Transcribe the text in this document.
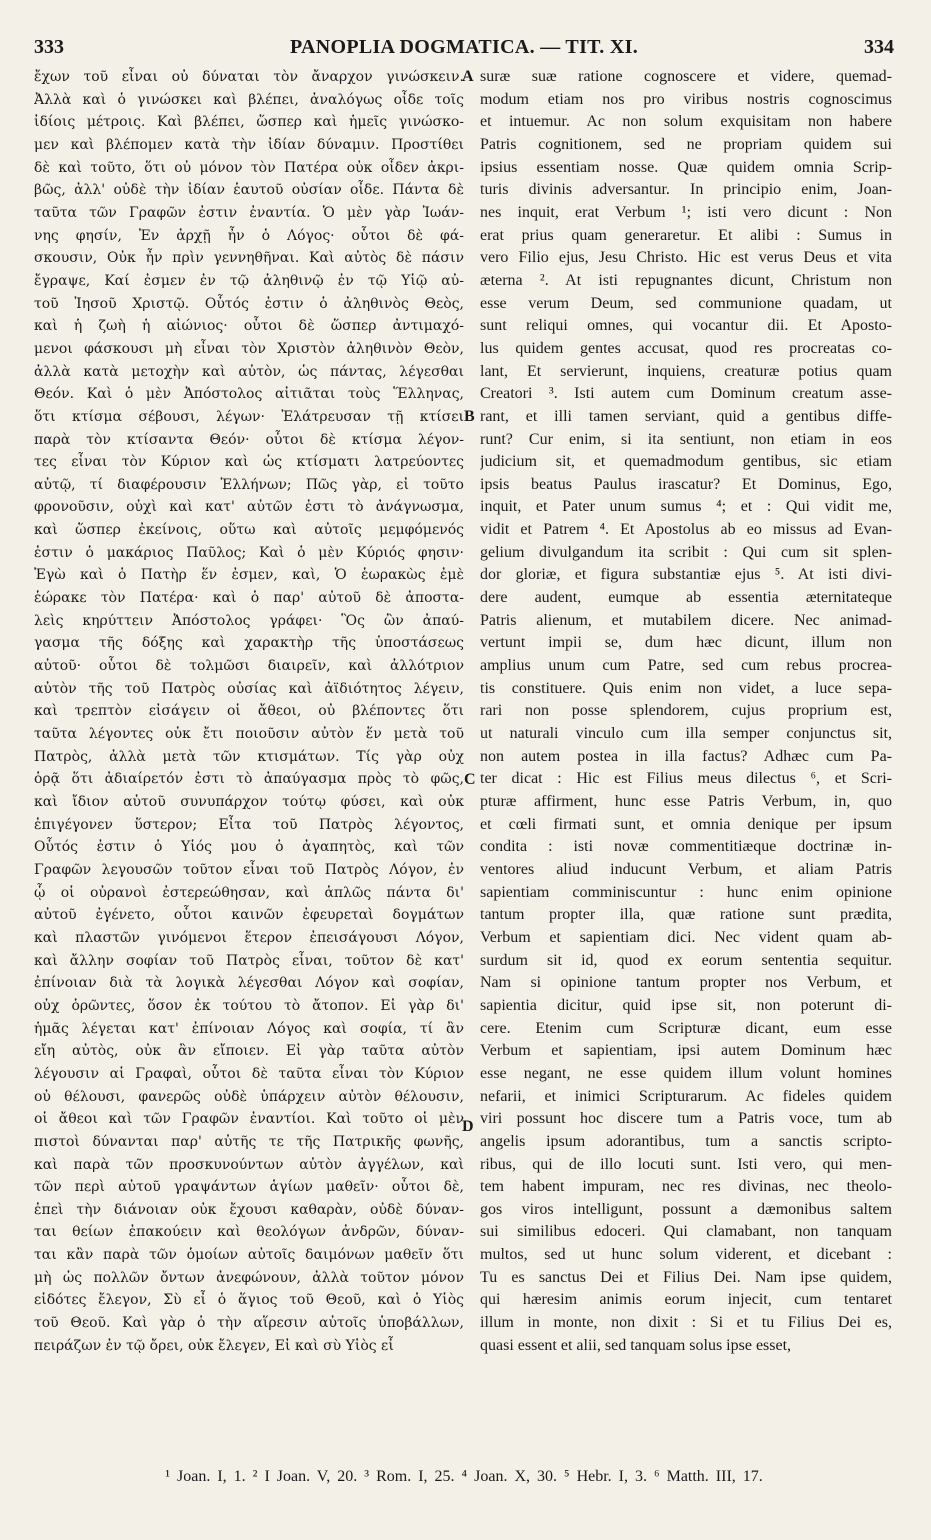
333	PANOPLIA DOGMATICA. — TIT. XI.	334
ἔχων τοῦ εἶναι οὐ δύναται τὸν ἄναρχον γινώσκειν.
Ἀλλὰ καὶ ὁ γινώσκει καὶ βλέπει, ἀναλόγως οἶδε τοῖς
ἰδίοις μέτροις. Καὶ βλέπει, ὥσπερ καὶ ἡμεῖς γινώσκο-
μεν καὶ βλέπομεν κατὰ τὴν ἰδίαν δύναμιν. Προστίθει
δὲ καὶ τοῦτο, ὅτι οὐ μόνον τὸν Πατέρα οὐκ οἶδεν ἀκρι-
βῶς, ἀλλ' οὐδὲ τὴν ἰδίαν ἑαυτοῦ οὐσίαν οἶδε. Πάντα δὲ
ταῦτα τῶν Γραφῶν ἐστιν ἐναντία. Ὁ μὲν γὰρ Ἰωάν-
νης φησίν, Ἐν ἀρχῇ ἦν ὁ Λόγος· οὗτοι δὲ φά-
σκουσιν, Οὐκ ἦν πρὶν γεννηθῆναι. Καὶ αὐτὸς δὲ πάσιν
ἔγραψε, Καί ἐσμεν ἐν τῷ ἀληθινῷ ἐν τῷ Υἱῷ αὐ-
τοῦ Ἰησοῦ Χριστῷ. Οὗτός ἐστιν ὁ ἀληθινὸς Θεὸς,
καὶ ἡ ζωὴ ἡ αἰώνιος· οὗτοι δὲ ὥσπερ ἀντιμαχό-
μενοι φάσκουσι μὴ εἶναι τὸν Χριστὸν ἀληθινὸν Θεὸν,
ἀλλὰ κατὰ μετοχὴν καὶ αὐτὸν, ὡς πάντας, λέγεσθαι
Θεόν. Καὶ ὁ μὲν Ἀπόστολος αἰτιᾶται τοὺς Ἕλληνας,
ὅτι κτίσμα σέβουσι, λέγων· Ἐλάτρευσαν τῇ κτίσει
παρὰ τὸν κτίσαντα Θεόν· οὗτοι δὲ κτίσμα λέγον-
τες εἶναι τὸν Κύριον καὶ ὡς κτίσματι λατρεύοντες
αὐτῷ, τί διαφέρουσιν Ἑλλήνων; Πῶς γὰρ, εἰ τοῦτο
φρονοῦσιν, οὐχὶ καὶ κατ' αὐτῶν ἐστι τὸ ἀνάγνωσμα,
καὶ ὥσπερ ἐκείνοις, οὕτω καὶ αὐτοῖς μεμφόμενός
ἐστιν ὁ μακάριος Παῦλος; Καὶ ὁ μὲν Κύριός φησιν·
Ἐγὼ καὶ ὁ Πατὴρ ἕν ἐσμεν, καὶ, Ὁ ἑωρακὼς ἐμὲ
ἑώρακε τὸν Πατέρα· καὶ ὁ παρ' αὐτοῦ δὲ ἀποστα-
λεὶς κηρύττειν Ἀπόστολος γράφει· Ὃς ὢν ἀπαύ-
γασμα τῆς δόξης καὶ χαρακτὴρ τῆς ὑποστάσεως
αὐτοῦ· οὗτοι δὲ τολμῶσι διαιρεῖν, καὶ ἀλλότριον
αὐτὸν τῆς τοῦ Πατρὸς οὐσίας καὶ ἀϊδιότητος λέγειν,
καὶ τρεπτὸν εἰσάγειν οἱ ἄθεοι, οὐ βλέποντες ὅτι
ταῦτα λέγοντες οὐκ ἔτι ποιοῦσιν αὐτὸν ἕν μετὰ τοῦ
Πατρὸς, ἀλλὰ μετὰ τῶν κτισμάτων. Τίς γὰρ οὐχ
ὁρᾷ ὅτι ἀδιαίρετόν ἐστι τὸ ἀπαύγασμα πρὸς τὸ φῶς,
καὶ ἴδιον αὐτοῦ συνυπάρχον τούτῳ φύσει, καὶ οὐκ
ἐπιγέγονεν ὕστερον; Εἶτα τοῦ Πατρὸς λέγοντος,
Οὗτός ἐστιν ὁ Υἱός μου ὁ ἀγαπητὸς, καὶ τῶν
Γραφῶν λεγουσῶν τοῦτον εἶναι τοῦ Πατρὸς Λόγον, ἐν
ᾧ οἱ οὐρανοὶ ἐστερεώθησαν, καὶ ἁπλῶς πάντα δι'
αὐτοῦ ἐγένετο, οὗτοι καινῶν ἐφευρεταὶ δογμάτων
καὶ πλαστῶν γινόμενοι ἕτερον ἐπεισάγουσι Λόγον,
καὶ ἄλλην σοφίαν τοῦ Πατρὸς εἶναι, τοῦτον δὲ κατ'
ἐπίνοιαν διὰ τὰ λογικὰ λέγεσθαι Λόγον καὶ σοφίαν,
οὐχ ὁρῶντες, ὅσον ἐκ τούτου τὸ ἄτοπον. Εἰ γὰρ δι'
ἡμᾶς λέγεται κατ' ἐπίνοιαν Λόγος καὶ σοφία, τί ἂν
εἴη αὐτὸς, οὐκ ἂν εἴποιεν. Εἰ γὰρ ταῦτα αὐτὸν
λέγουσιν αἱ Γραφαὶ, οὗτοι δὲ ταῦτα εἶναι τὸν Κύριον
οὐ θέλουσι, φανερῶς οὐδὲ ὑπάρχειν αὐτὸν θέλουσιν,
οἱ ἄθεοι καὶ τῶν Γραφῶν ἐναντίοι. Καὶ τοῦτο οἱ μὲν
πιστοὶ δύνανται παρ' αὐτῆς τε τῆς Πατρικῆς φωνῆς,
καὶ παρὰ τῶν προσκυνούντων αὐτὸν ἀγγέλων, καὶ
τῶν περὶ αὐτοῦ γραψάντων ἁγίων μαθεῖν· οὗτοι δὲ,
ἐπεὶ τὴν διάνοιαν οὐκ ἔχουσι καθαρὰν, οὐδὲ δύναν-
ται θείων ἐπακούειν καὶ θεολόγων ἀνδρῶν, δύναν-
ται κἂν παρὰ τῶν ὁμοίων αὐτοῖς δαιμόνων μαθεῖν ὅτι
μὴ ὡς πολλῶν ὄντων ἀνεφώνουν, ἀλλὰ τοῦτον μόνον
εἰδότες ἔλεγον, Σὺ εἶ ὁ ἅγιος τοῦ Θεοῦ, καὶ ὁ Υἱὸς
τοῦ Θεοῦ. Καὶ γὰρ ὁ τὴν αἵρεσιν αὐτοῖς ὑποβάλλων,
πειράζων ἐν τῷ ὄρει, οὐκ ἔλεγεν, Εἰ καὶ σὺ Υἱὸς εἶ
suræ suæ ratione cognoscere et videre, quemad-
modum etiam nos pro viribus nostris cognoscimus
et intuemur. Ac non solum exquisitam non habere
Patris cognitionem, sed ne propriam quidem sui
ipsius essentiam nosse. Quæ quidem omnia Scrip-
turis divinis adversantur. In principio enim, Joan-
nes inquit, erat Verbum ¹; isti vero dicunt : Non
erat prius quam generaretur. Et alibi : Sumus in
vero Filio ejus, Jesu Christo. Hic est verus Deus et vita
æterna ². At isti repugnantes dicunt, Christum non
esse verum Deum, sed communione quadam, ut
sunt reliqui omnes, qui vocantur dii. Et Aposto-
lus quidem gentes accusat, quod res procreatas co-
lant, Et servierunt, inquiens, creaturæ potius quam
Creatori ³. Isti autem cum Dominum creatum asse-
rant, et illi tamen serviant, quid a gentibus diffe-
runt? Cur enim, si ita sentiunt, non etiam in eos
judicium sit, et quemadmodum gentibus, sic etiam
ipsis beatus Paulus irascatur? Et Dominus, Ego,
inquit, et Pater unum sumus ⁴; et : Qui vidit me,
vidit et Patrem ⁴. Et Apostolus ab eo missus ad Evan-
gelium divulgandum ita scribit : Qui cum sit splen-
dor gloriæ, et figura substantiæ ejus ⁵. At isti divi-
dere audent, eumque ab essentia æternitateque
Patris alienum, et mutabilem dicere. Nec animad-
vertunt impii se, dum hæc dicunt, illum non
amplius unum cum Patre, sed cum rebus procrea-
tis constituere. Quis enim non videt, a luce sepa-
rari non posse splendorem, cujus proprium est,
ut naturali vinculo cum illa semper conjunctus sit,
non autem postea in illa factus? Adhæc cum Pa-
ter dicat : Hic est Filius meus dilectus ⁶, et Scri-
pturæ affirment, hunc esse Patris Verbum, in, quo
et cœli firmati sunt, et omnia denique per ipsum
condita : isti novæ commentitiæque doctrinæ in-
ventores aliud inducunt Verbum, et aliam Patris
sapientiam comminiscuntur : hunc enim opinione
tantum propter illa, quæ ratione sunt prædita,
Verbum et sapientiam dici. Nec vident quam ab-
surdum sit id, quod ex eorum sententia sequitur.
Nam si opinione tantum propter nos Verbum, et
sapientia dicitur, quid ipse sit, non poterunt di-
cere. Etenim cum Scripturæ dicant, eum esse
Verbum et sapientiam, ipsi autem Dominum hæc
esse negant, ne esse quidem illum volunt homines
nefarii, et inimici Scripturarum. Ac fideles quidem
viri possunt hoc discere tum a Patris voce, tum ab
angelis ipsum adorantibus, tum a sanctis scripto-
ribus, qui de illo locuti sunt. Isti vero, qui men-
tem habent impuram, nec res divinas, nec theolo-
gos viros intelligunt, possunt a dæmonibus saltem
sui similibus edoceri. Qui clamabant, non tanquam
multos, sed ut hunc solum viderent, et dicebant :
Tu es sanctus Dei et Filius Dei. Nam ipse quidem,
qui hæresim animis eorum injecit, cum tentaret
illum in monte, non dixit : Si et tu Filius Dei es,
quasi essent et alii, sed tanquam solus ipse esset,
A
B
C
D
¹ Joan. I, 1. ² I Joan. V, 20. ³ Rom. I, 25. ⁴ Joan. X, 30. ⁵ Hebr. I, 3. ⁶ Matth. III, 17.
